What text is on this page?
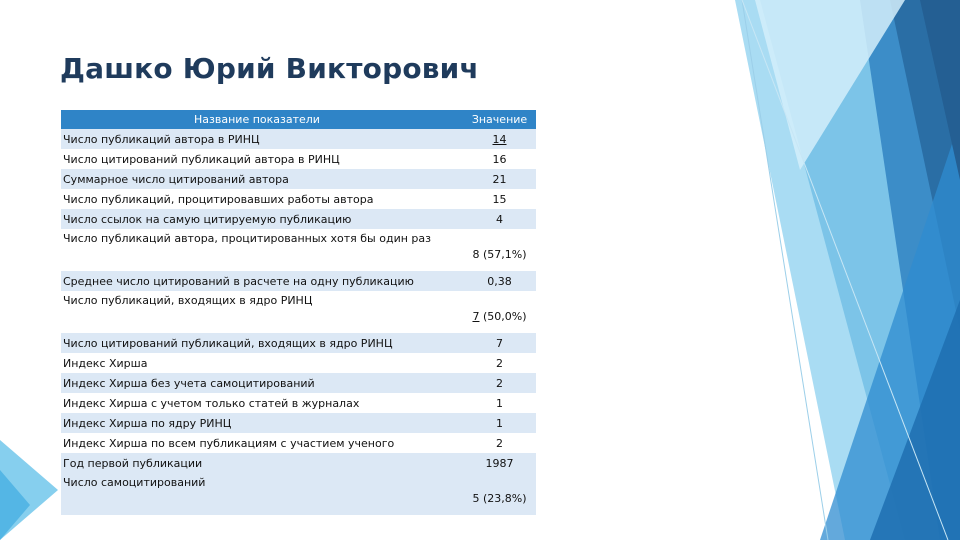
Дашко Юрий Викторович
Название показатели	Значение
Число публикаций автора в РИНЦ	14
Число цитирований публикаций автора в РИНЦ	16
Суммарное число цитирований автора	21
Число публикаций, процитировавших работы автора	15
Число ссылок на самую цитируемую публикацию	4
Число публикаций автора, процитированных хотя бы один раз	8 (57,1%)
Среднее число цитирований в расчете на одну публикацию	0,38
Число публикаций, входящих в ядро РИНЦ	7 (50,0%)
Число цитирований публикаций, входящих в ядро РИНЦ	7
Индекс Хирша	2
Индекс Хирша без учета самоцитирований	2
Индекс Хирша с учетом только статей в журналах	1
Индекс Хирша по ядру РИНЦ	1
Индекс Хирша по всем публикациям с участием ученого	2
Год первой публикации	1987
Число самоцитирований	5 (23,8%)
